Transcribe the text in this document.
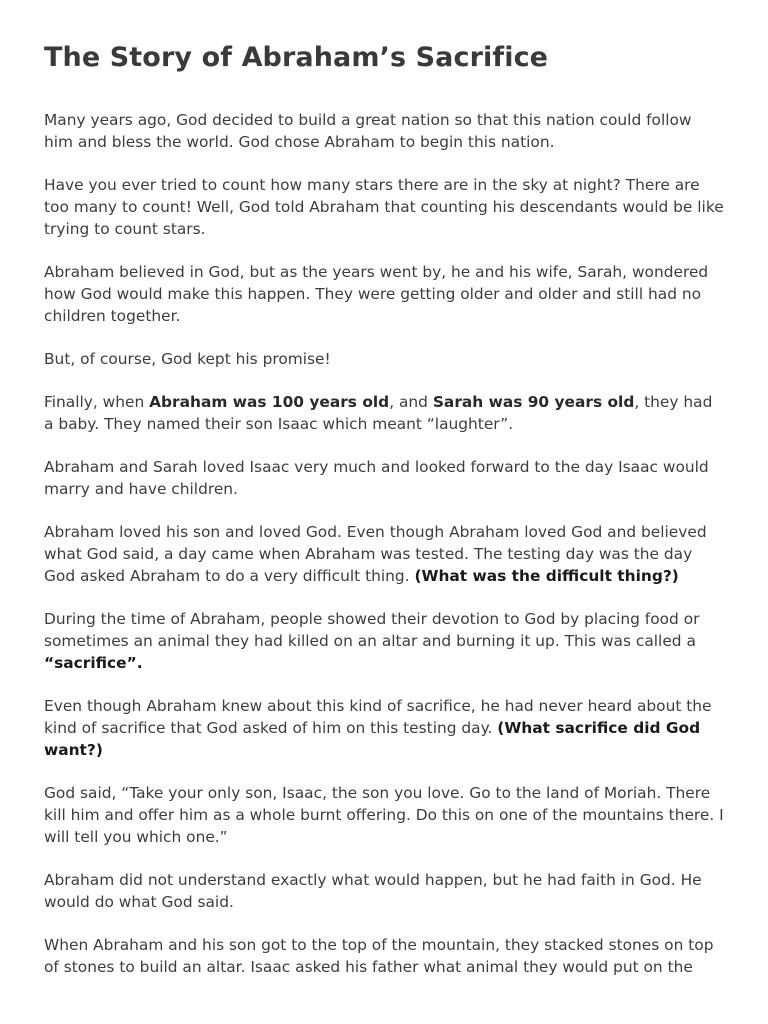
The Story of Abraham’s Sacrifice

Many years ago, God decided to build a great nation so that this nation could follow him and bless the world. God chose Abraham to begin this nation.

Have you ever tried to count how many stars there are in the sky at night? There are too many to count! Well, God told Abraham that counting his descendants would be like trying to count stars.

Abraham believed in God, but as the years went by, he and his wife, Sarah, wondered how God would make this happen. They were getting older and older and still had no children together.

But, of course, God kept his promise!

Finally, when Abraham was 100 years old, and Sarah was 90 years old, they had a baby. They named their son Isaac which meant “laughter”.

Abraham and Sarah loved Isaac very much and looked forward to the day Isaac would marry and have children.

Abraham loved his son and loved God. Even though Abraham loved God and believed what God said, a day came when Abraham was tested. The testing day was the day God asked Abraham to do a very difficult thing. (What was the difficult thing?)

During the time of Abraham, people showed their devotion to God by placing food or sometimes an animal they had killed on an altar and burning it up. This was called a “sacrifice”.

Even though Abraham knew about this kind of sacrifice, he had never heard about the kind of sacrifice that God asked of him on this testing day. (What sacrifice did God want?)

God said, “Take your only son, Isaac, the son you love. Go to the land of Moriah. There kill him and offer him as a whole burnt offering. Do this on one of the mountains there. I will tell you which one.”

Abraham did not understand exactly what would happen, but he had faith in God. He would do what God said.

When Abraham and his son got to the top of the mountain, they stacked stones on top of stones to build an altar. Isaac asked his father what animal they would put on the
